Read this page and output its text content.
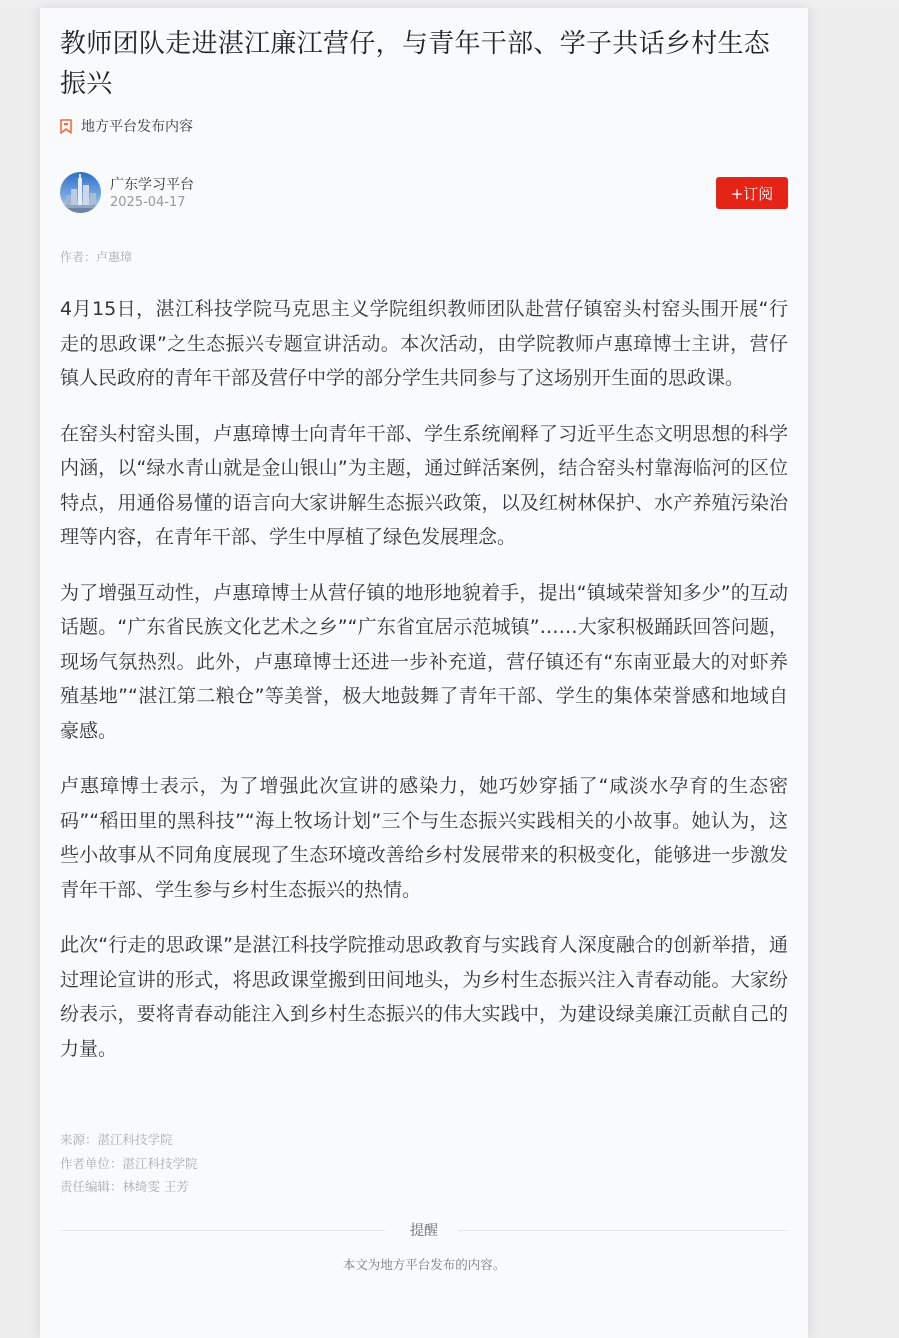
教师团队走进湛江廉江营仔，与青年干部、学子共话乡村生态振兴
地方平台发布内容
广东学习平台
2025-04-17	+订阅
作者：卢惠璋

4月15日，湛江科技学院马克思主义学院组织教师团队赴营仔镇窑头村窑头围开展“行走的思政课”之生态振兴专题宣讲活动。本次活动，由学院教师卢惠璋博士主讲，营仔镇人民政府的青年干部及营仔中学的部分学生共同参与了这场别开生面的思政课。

在窑头村窑头围，卢惠璋博士向青年干部、学生系统阐释了习近平生态文明思想的科学内涵，以“绿水青山就是金山银山”为主题，通过鲜活案例，结合窑头村靠海临河的区位特点，用通俗易懂的语言向大家讲解生态振兴政策，以及红树林保护、水产养殖污染治理等内容，在青年干部、学生中厚植了绿色发展理念。

为了增强互动性，卢惠璋博士从营仔镇的地形地貌着手，提出“镇域荣誉知多少”的互动话题。“广东省民族文化艺术之乡”“广东省宜居示范城镇”……大家积极踊跃回答问题，现场气氛热烈。此外，卢惠璋博士还进一步补充道，营仔镇还有“东南亚最大的对虾养殖基地”“湛江第二粮仓”等美誉，极大地鼓舞了青年干部、学生的集体荣誉感和地域自豪感。

卢惠璋博士表示，为了增强此次宣讲的感染力，她巧妙穿插了“咸淡水孕育的生态密码”“稻田里的黑科技”“海上牧场计划”三个与生态振兴实践相关的小故事。她认为，这些小故事从不同角度展现了生态环境改善给乡村发展带来的积极变化，能够进一步激发青年干部、学生参与乡村生态振兴的热情。

此次“行走的思政课”是湛江科技学院推动思政教育与实践育人深度融合的创新举措，通过理论宣讲的形式，将思政课堂搬到田间地头，为乡村生态振兴注入青春动能。大家纷纷表示，要将青春动能注入到乡村生态振兴的伟大实践中，为建设绿美廉江贡献自己的力量。

来源：湛江科技学院
作者单位：湛江科技学院
责任编辑：林绮雯 王芳
提醒
本文为地方平台发布的内容。
